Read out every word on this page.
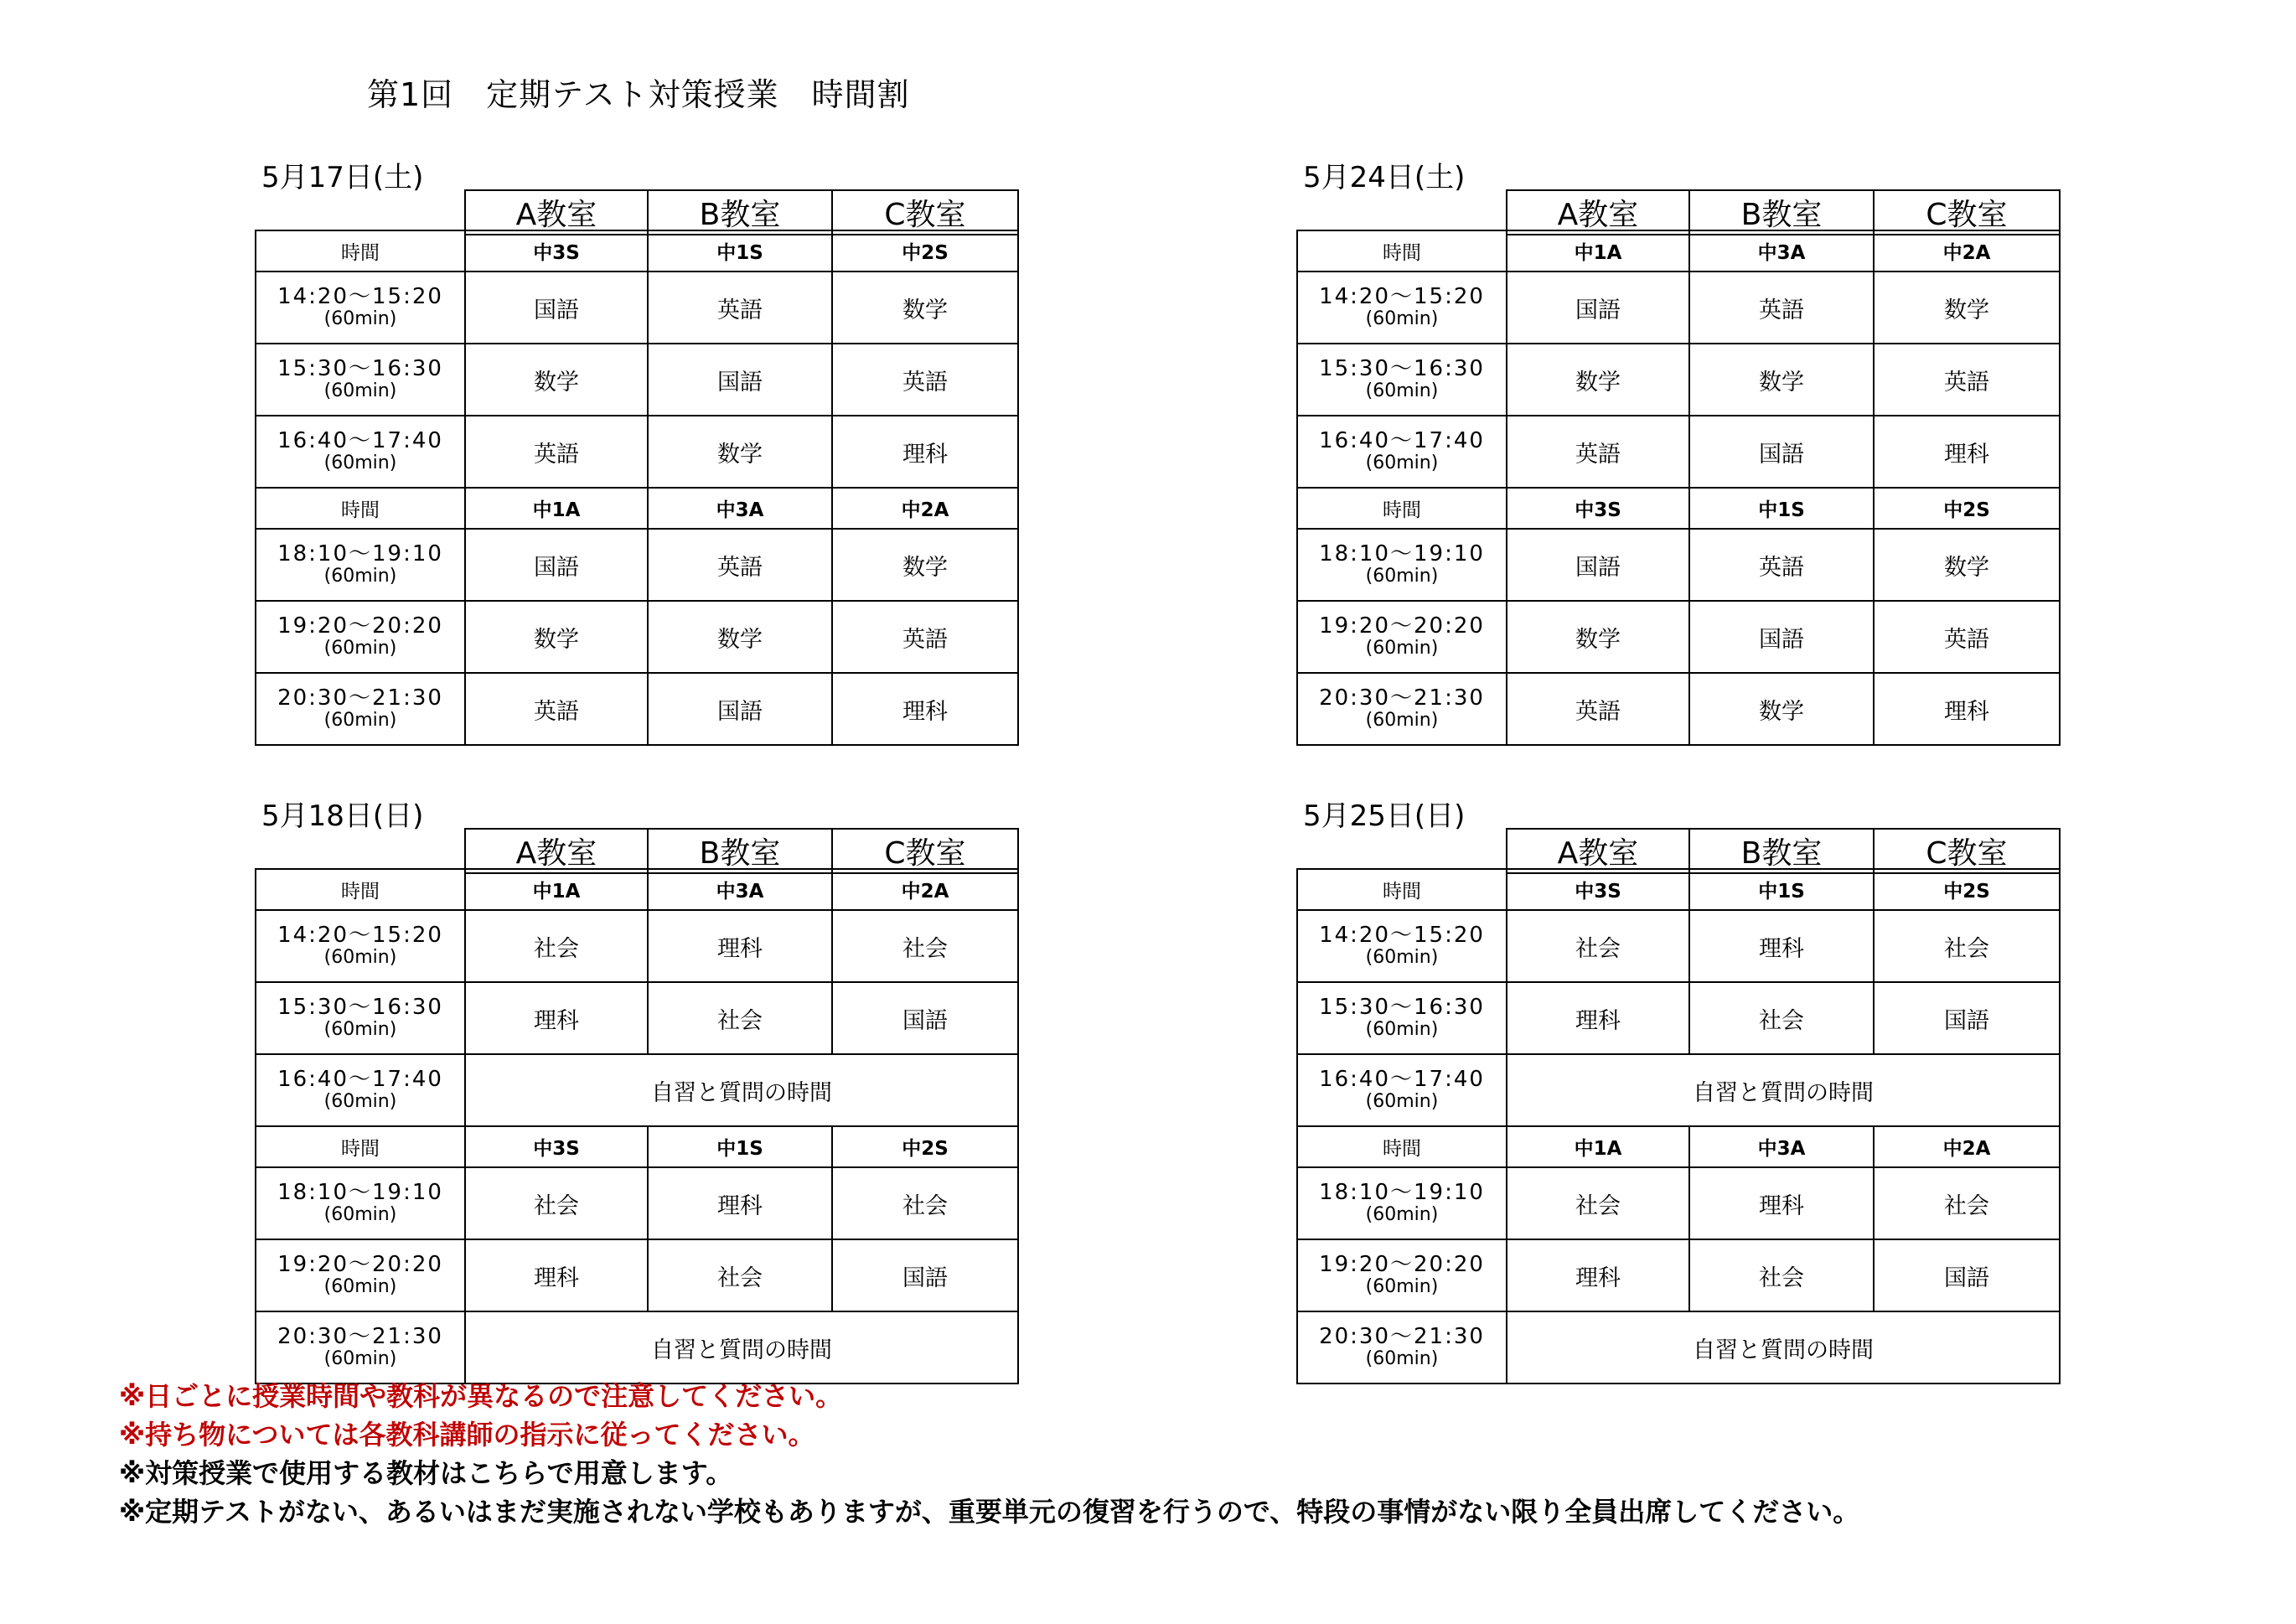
第1回　定期テスト対策授業　時間割
5月17日(土)
A教室	B教室	C教室
時間	中3S	中1S	中2S

14:20～15:20
(60min)	国語	英語	数学

15:30～16:30
(60min)	数学	国語	英語

16:40～17:40
(60min)	英語	数学	理科
時間	中1A	中3A	中2A

18:10～19:10
(60min)	国語	英語	数学

19:20～20:20
(60min)	数学	数学	英語

20:30～21:30
(60min)	英語	国語	理科
5月24日(土)
A教室	B教室	C教室
時間	中1A	中3A	中2A

14:20～15:20
(60min)	国語	英語	数学

15:30～16:30
(60min)	数学	数学	英語

16:40～17:40
(60min)	英語	国語	理科
時間	中3S	中1S	中2S

18:10～19:10
(60min)	国語	英語	数学

19:20～20:20
(60min)	数学	国語	英語

20:30～21:30
(60min)	英語	数学	理科
5月18日(日)
A教室	B教室	C教室
時間	中1A	中3A	中2A

14:20～15:20
(60min)	社会	理科	社会

15:30～16:30
(60min)	理科	社会	国語

16:40～17:40
(60min)	自習と質問の時間		
時間	中3S	中1S	中2S

18:10～19:10
(60min)	社会	理科	社会

19:20～20:20
(60min)	理科	社会	国語

20:30～21:30
(60min)	自習と質問の時間		
5月25日(日)
A教室	B教室	C教室
時間	中3S	中1S	中2S

14:20～15:20
(60min)	社会	理科	社会

15:30～16:30
(60min)	理科	社会	国語

16:40～17:40
(60min)	自習と質問の時間		
時間	中1A	中3A	中2A

18:10～19:10
(60min)	社会	理科	社会

19:20～20:20
(60min)	理科	社会	国語

20:30～21:30
(60min)	自習と質問の時間		
※日ごとに授業時間や教科が異なるので注意してください。
※持ち物については各教科講師の指示に従ってください。
※対策授業で使用する教材はこちらで用意します。
※定期テストがない、あるいはまだ実施されない学校もありますが、重要単元の復習を行うので、特段の事情がない限り全員出席してください。
